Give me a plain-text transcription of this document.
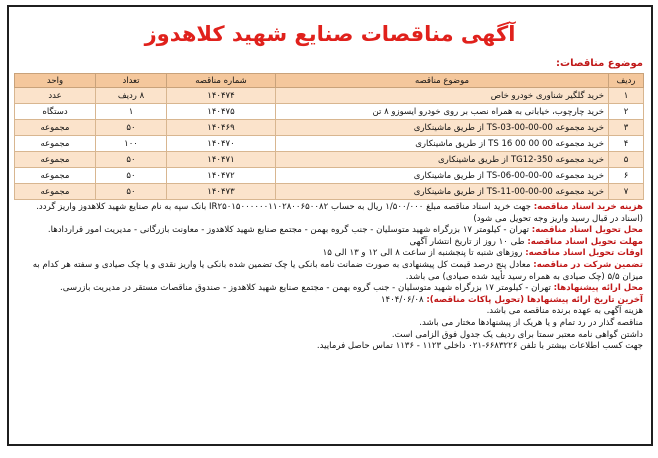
آگهی مناقصات صنایع شهید کلاهدوز
موضوع مناقصات:
ردیف	موضوع مناقصه	شماره مناقصه	تعداد	واحد
۱	خرید گلگیر شناوری خودرو خاص	۱۴۰۴۷۴	۸ ردیف	عدد
۲	خرید چارچوب، خیابانی به همراه نصب بر روی خودرو ایسوزو ۸ تن	۱۴۰۴۷۵	۱	دستگاه
۳	خرید مجموعه TS-03-00-00-00 از طریق ماشینکاری	۱۴۰۴۶۹	۵۰	مجموعه
۴	خرید مجموعه TS 16 00 00 00 از طریق ماشینکاری	۱۴۰۴۷۰	۱۰۰	مجموعه
۵	خرید مجموعه TG12-350 از طریق ماشینکاری	۱۴۰۴۷۱	۵۰	مجموعه
۶	خرید مجموعه TS-06-00-00-00 از طریق ماشینکاری	۱۴۰۴۷۲	۵۰	مجموعه
۷	خرید مجموعه TS-11-00-00-00 از طریق ماشینکاری	۱۴۰۴۷۳	۵۰	مجموعه

هزینه خرید اسناد مناقصه: جهت خرید اسناد مناقصه مبلغ ۱/۵۰۰/۰۰۰ ریال به حساب IR۲۵۰۱۵۰۰۰۰۰۰۱۱۰۲۸۰۰۶۵۰۰۸۲ بانک سپه به نام صنایع شهید کلاهدوز واریز گردد. (اسناد در قبال رسید واریز وجه تحویل می شود)

محل تحویل اسناد مناقصه: تهران - کیلومتر ۱۷ بزرگراه شهید متوسلیان - جنب گروه بهمن - مجتمع صنایع شهید کلاهدوز - معاونت بازرگانی - مدیریت امور قراردادها.

مهلت تحویل اسناد مناقصه: طی ۱۰ روز از تاریخ انتشار آگهی

اوقات تحویل اسناد مناقصه: روزهای شنبه تا پنجشنبه از ساعت ۸ الی ۱۲ و ۱۳ الی ۱۵

تضمین شرکت در مناقصه: معادل پنج درصد قیمت کل پیشنهادی به صورت ضمانت نامه بانکی یا چک تضمین شده بانکی یا واریز نقدی و یا چک صیادی و سفته هر کدام به میزان ۵/۵ (چک صیادی به همراه رسید تأیید شده صیادی) می باشد.

محل ارائه پیشنهادها: تهران - کیلومتر ۱۷ بزرگراه شهید متوسلیان - جنب گروه بهمن - مجتمع صنایع شهید کلاهدوز - صندوق مناقصات مستقر در مدیریت بازرسی.

آخرین تاریخ ارائه پیشنهادها (تحویل پاکات مناقصه): ۱۴۰۴/۰۶/۰۸

هزینه آگهی به عهده برنده مناقصه می باشد.

مناقصه گذار در رد تمام و یا هریک از پیشنهادها مختار می باشد.

داشتن گواهی نامه معتبر سمتا برای ردیف یک جدول فوق الزامی است.

جهت کسب اطلاعات بیشتر با تلفن ۶۶۸۳۲۲۶-۰۲۱ داخلی ۱۱۲۳ - ۱۱۳۶ تماس حاصل فرمایید.
